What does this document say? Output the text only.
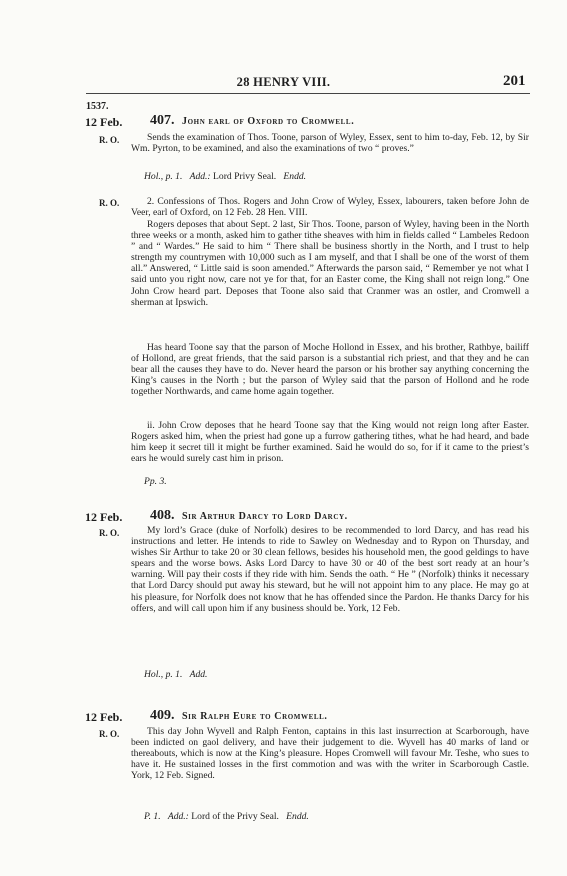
28 HENRY VIII.	201
1537.
12 Feb. 407. John earl of Oxford to Cromwell.
R. O.	Sends the examination of Thos. Toone, parson of Wyley, Essex, sent to him to-day, Feb. 12, by Sir Wm. Pyrton, to be examined, and also the examinations of two “ proves.”

Hol., p. 1. Add.: Lord Privy Seal. Endd.
R. O.	2. Confessions of Thos. Rogers and John Crow of Wyley, Essex, labourers, taken before John de Veer, earl of Oxford, on 12 Feb. 28 Hen. VIII.

Rogers deposes that about Sept. 2 last, Sir Thos. Toone, parson of Wyley, having been in the North three weeks or a month, asked him to gather tithe sheaves with him in fields called “ Lambeles Redoon ” and “ Wardes.” He said to him “ There shall be business shortly in the North, and I trust to help strength my countrymen with 10,000 such as I am myself, and that I shall be one of the worst of them all.” Answered, “ Little said is soon amended.” Afterwards the parson said, “ Remember ye not what I said unto you right now, care not ye for that, for an Easter come, the King shall not reign long.” One John Crow heard part. Deposes that Toone also said that Cranmer was an ostler, and Cromwell a sherman at Ipswich.

Has heard Toone say that the parson of Moche Hollond in Essex, and his brother, Rathbye, bailiff of Hollond, are great friends, that the said parson is a substantial rich priest, and that they and he can bear all the causes they have to do. Never heard the parson or his brother say anything concerning the King’s causes in the North ; but the parson of Wyley said that the parson of Hollond and he rode together Northwards, and came home again together.

ii. John Crow deposes that he heard Toone say that the King would not reign long after Easter. Rogers asked him, when the priest had gone up a furrow gathering tithes, what he had heard, and bade him keep it secret till it might be further examined. Said he would do so, for if it came to the priest’s ears he would surely cast him in prison.

Pp. 3.
12 Feb. 408. Sir Arthur Darcy to Lord Darcy.
R. O.	My lord’s Grace (duke of Norfolk) desires to be recommended to lord Darcy, and has read his instructions and letter. He intends to ride to Sawley on Wednesday and to Rypon on Thursday, and wishes Sir Arthur to take 20 or 30 clean fellows, besides his household men, the good geldings to have spears and the worse bows. Asks Lord Darcy to have 30 or 40 of the best sort ready at an hour’s warning. Will pay their costs if they ride with him. Sends the oath. “ He ” (Norfolk) thinks it necessary that Lord Darcy should put away his steward, but he will not appoint him to any place. He may go at his pleasure, for Norfolk does not know that he has offended since the Pardon. He thanks Darcy for his offers, and will call upon him if any business should be. York, 12 Feb.

Hol., p. 1. Add.
12 Feb. 409. Sir Ralph Eure to Cromwell.
R. O.	This day John Wyvell and Ralph Fenton, captains in this last insurrection at Scarborough, have been indicted on gaol delivery, and have their judgement to die. Wyvell has 40 marks of land or thereabouts, which is now at the King’s pleasure. Hopes Cromwell will favour Mr. Teshe, who sues to have it. He sustained losses in the first commotion and was with the writer in Scarborough Castle. York, 12 Feb. Signed.

P. 1. Add.: Lord of the Privy Seal. Endd.
